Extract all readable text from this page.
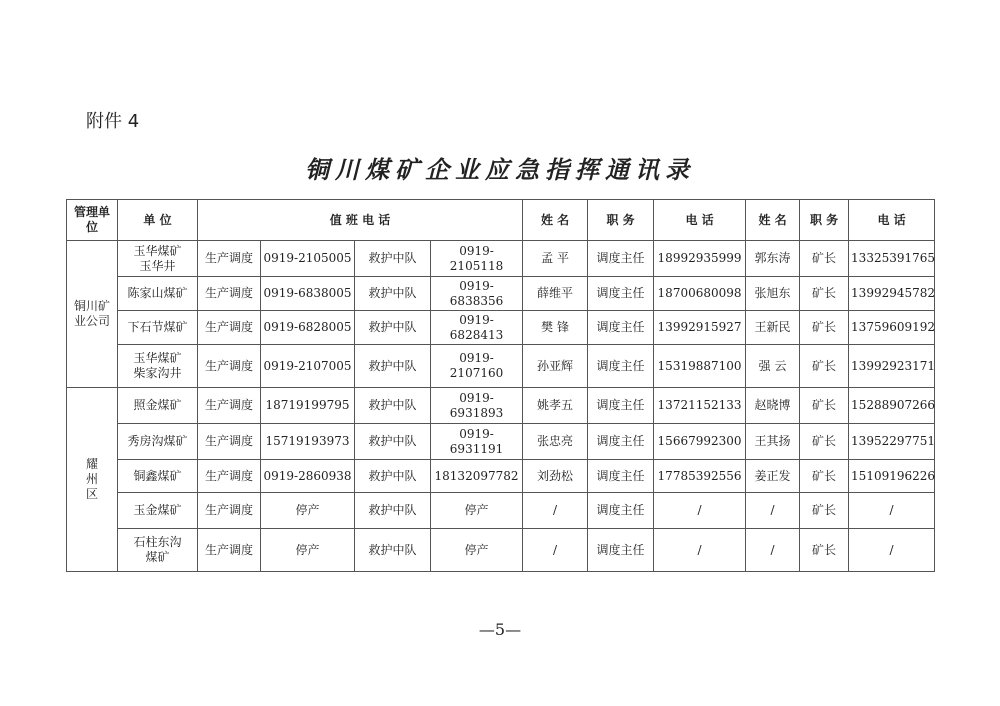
附件 4
铜川煤矿企业应急指挥通讯录
管理单位	单 位	值 班 电 话				姓 名	职 务	电 话	姓 名	职 务	电 话
铜川矿业公司	玉华煤矿玉华井	生产调度	0919-2105005	救护中队	0919-2105118	孟 平	调度主任	18992935999	郭东涛	矿长	13325391765
	陈家山煤矿	生产调度	0919-6838005	救护中队	0919-6838356	薛维平	调度主任	18700680098	张旭东	矿长	13992945782
	下石节煤矿	生产调度	0919-6828005	救护中队	0919-6828413	樊 锋	调度主任	13992915927	王新民	矿长	13759609192
	玉华煤矿柴家沟井	生产调度	0919-2107005	救护中队	0919-2107160	孙亚辉	调度主任	15319887100	强 云	矿长	13992923171
耀州区	照金煤矿	生产调度	18719199795	救护中队	0919-6931893	姚孝五	调度主任	13721152133	赵晓博	矿长	15288907266
	秀房沟煤矿	生产调度	15719193973	救护中队	0919-6931191	张忠亮	调度主任	15667992300	王其扬	矿长	13952297751
	铜鑫煤矿	生产调度	0919-2860938	救护中队	18132097782	刘劲松	调度主任	17785392556	姜正发	矿长	15109196226
	玉金煤矿	生产调度	停产	救护中队	停产	/	调度主任	/	/	矿长	/
	石柱东沟煤矿	生产调度	停产	救护中队	停产	/	调度主任	/	/	矿长	/
—5—
